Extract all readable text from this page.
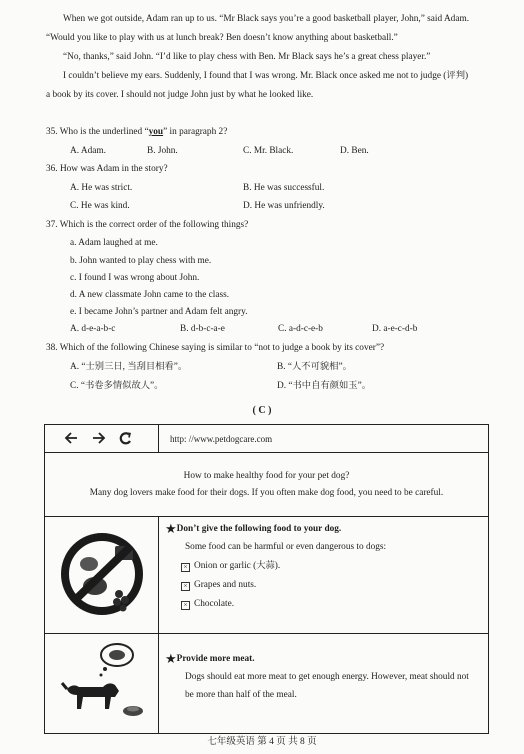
When we got outside, Adam ran up to us. “Mr Black says you’re a good basketball player, John,” said Adam.
“Would you like to play with us at lunch break? Ben doesn’t know anything about basketball.”
“No, thanks,” said John. “I’d like to play chess with Ben. Mr Black says he’s a great chess player.”
I couldn’t believe my ears. Suddenly, I found that I was wrong. Mr. Black once asked me not to judge (评判)
a book by its cover. I should not judge John just by what he looked like.
35. Who is the underlined “you” in paragraph 2?
A. Adam.	B. John.	C. Mr. Black.	D. Ben.
36. How was Adam in the story?
A. He was strict.	B. He was successful.
C. He was kind.	D. He was unfriendly.
37. Which is the correct order of the following things?
a. Adam laughed at me.
b. John wanted to play chess with me.
c. I found I was wrong about John.
d. A new classmate John came to the class.
e. I became John’s partner and Adam felt angry.
A. d-e-a-b-c	B. d-b-c-a-e	C. a-d-c-e-b	D. a-e-c-d-b
38. Which of the following Chinese saying is similar to “not to judge a book by its cover”?
A. “士别三日, 当刮目相看”。	B. “人不可貌相”。
C. “书卷多情似故人”。	D. “书中自有颜如玉”。
( C )
http: //www.petdogcare.com
How to make healthy food for your pet dog?
Many dog lovers make food for their dogs. If you often make dog food, you need to be careful.
★Don’t give the following food to your dog.
Some food can be harmful or even dangerous to dogs:
× Onion or garlic (大蒜).
× Grapes and nuts.
× Chocolate.
★Provide more meat.
Dogs should eat more meat to get enough energy. However, meat should not
be more than half of the meal.
七年级英语 第 4 页 共 8 页
